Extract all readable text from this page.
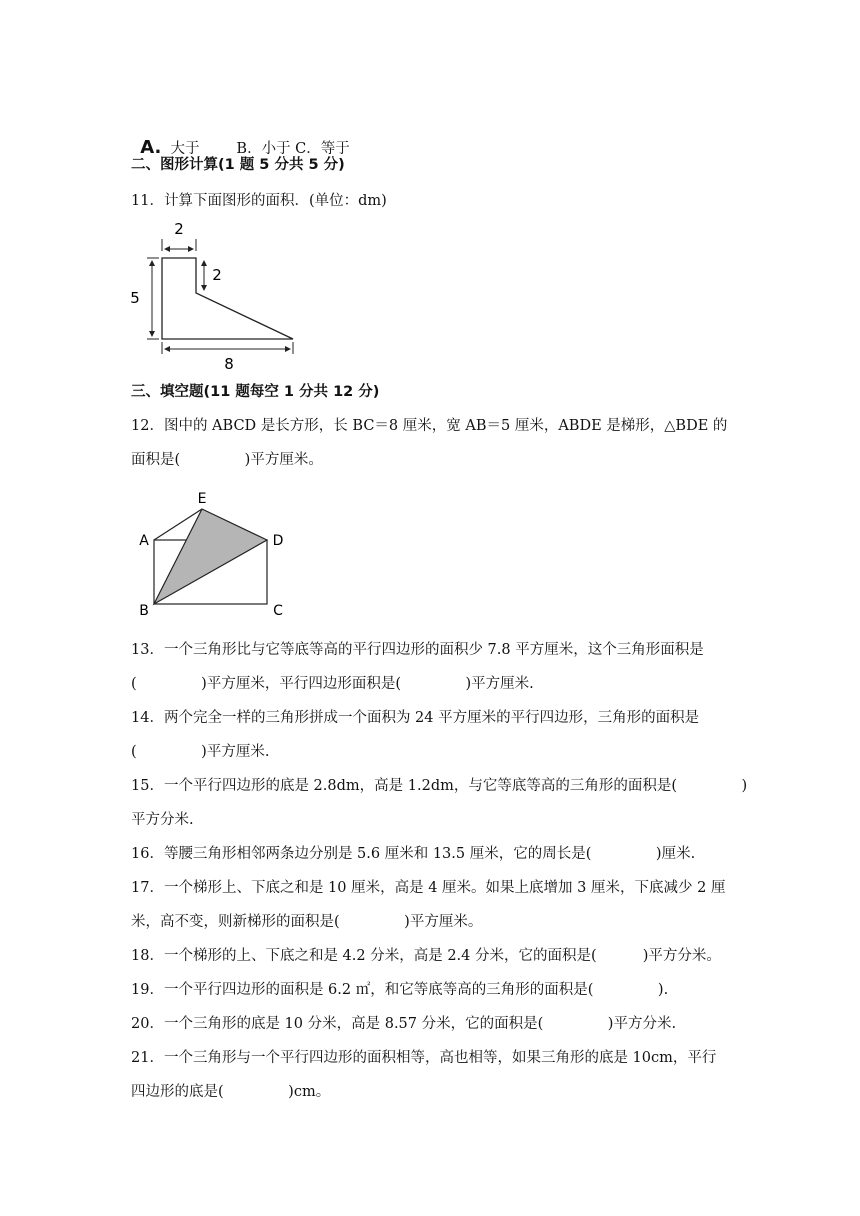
A. 大于	B．小于 C．等于

二、图形计算(1 题 5 分共 5 分)
11．计算下面图形的面积．(单位：dm)
2
2
5
8
三、填空题(11 题每空 1 分共 12 分)
12．图中的 ABCD 是长方形，长 BC＝8 厘米，宽 AB＝5 厘米，ABDE 是梯形，△BDE 的
面积是(              )平方厘米。
E
A	D
B	C
13．一个三角形比与它等底等高的平行四边形的面积少 7.8 平方厘米，这个三角形面积是
(              )平方厘米，平行四边形面积是(              )平方厘米.
14．两个完全一样的三角形拼成一个面积为 24 平方厘米的平行四边形，三角形的面积是
(              )平方厘米.
15．一个平行四边形的底是 2.8dm，高是 1.2dm，与它等底等高的三角形的面积是(              )
平方分米.
16．等腰三角形相邻两条边分别是 5.6 厘米和 13.5 厘米，它的周长是(              )厘米.
17．一个梯形上、下底之和是 10 厘米，高是 4 厘米。如果上底增加 3 厘米，下底减少 2 厘
米，高不变，则新梯形的面积是(              )平方厘米。
18．一个梯形的上、下底之和是 4.2 分米，高是 2.4 分米，它的面积是(          )平方分米。
19．一个平行四边形的面积是 6.2 ㎡，和它等底等高的三角形的面积是(              ).
20．一个三角形的底是 10 分米，高是 8.57 分米，它的面积是(              )平方分米.
21．一个三角形与一个平行四边形的面积相等，高也相等，如果三角形的底是 10cm，平行
四边形的底是(              )cm。
